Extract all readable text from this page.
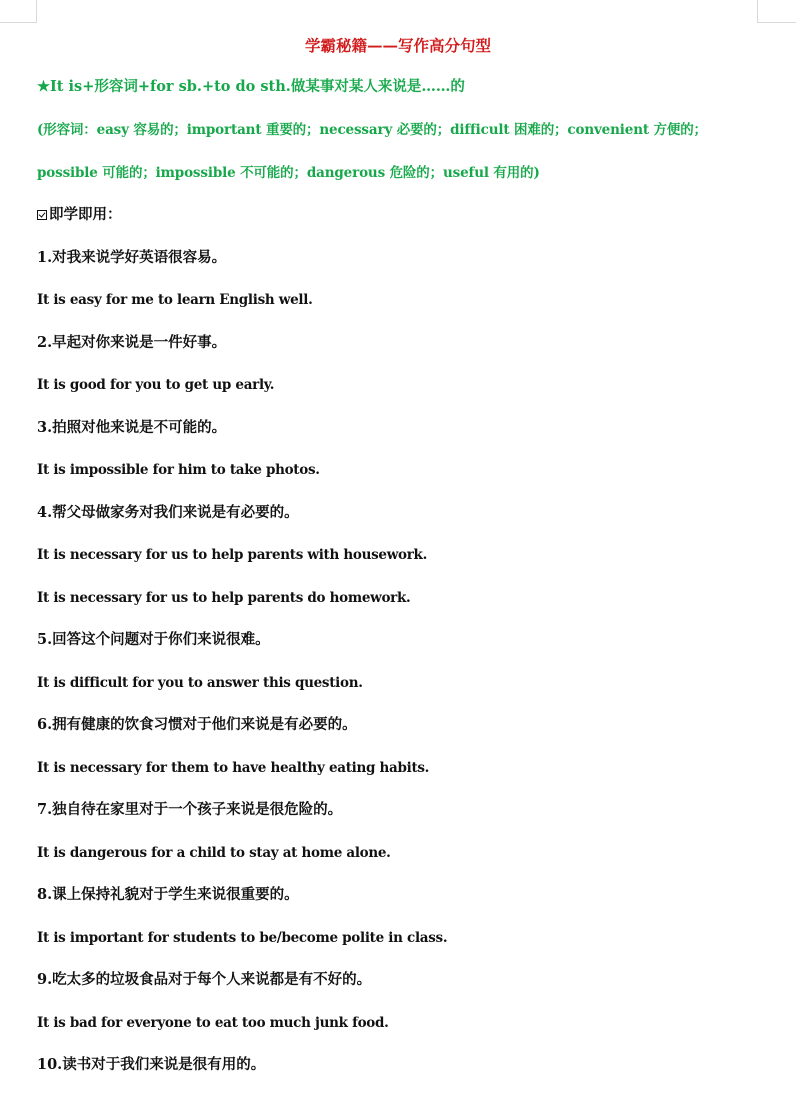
学霸秘籍——写作高分句型
★It is+形容词+for sb.+to do sth.做某事对某人来说是……的
(形容词：easy 容易的；important 重要的；necessary 必要的；difficult 困难的；convenient 方便的；
possible 可能的；impossible 不可能的；dangerous 危险的；useful 有用的)
即学即用：
1.对我来说学好英语很容易。
It is easy for me to learn English well.
2.早起对你来说是一件好事。
It is good for you to get up early.
3.拍照对他来说是不可能的。
It is impossible for him to take photos.
4.帮父母做家务对我们来说是有必要的。
It is necessary for us to help parents with housework.
It is necessary for us to help parents do homework.
5.回答这个问题对于你们来说很难。
It is difficult for you to answer this question.
6.拥有健康的饮食习惯对于他们来说是有必要的。
It is necessary for them to have healthy eating habits.
7.独自待在家里对于一个孩子来说是很危险的。
It is dangerous for a child to stay at home alone.
8.课上保持礼貌对于学生来说很重要的。
It is important for students to be/become polite in class.
9.吃太多的垃圾食品对于每个人来说都是有不好的。
It is bad for everyone to eat too much junk food.
10.读书对于我们来说是很有用的。
